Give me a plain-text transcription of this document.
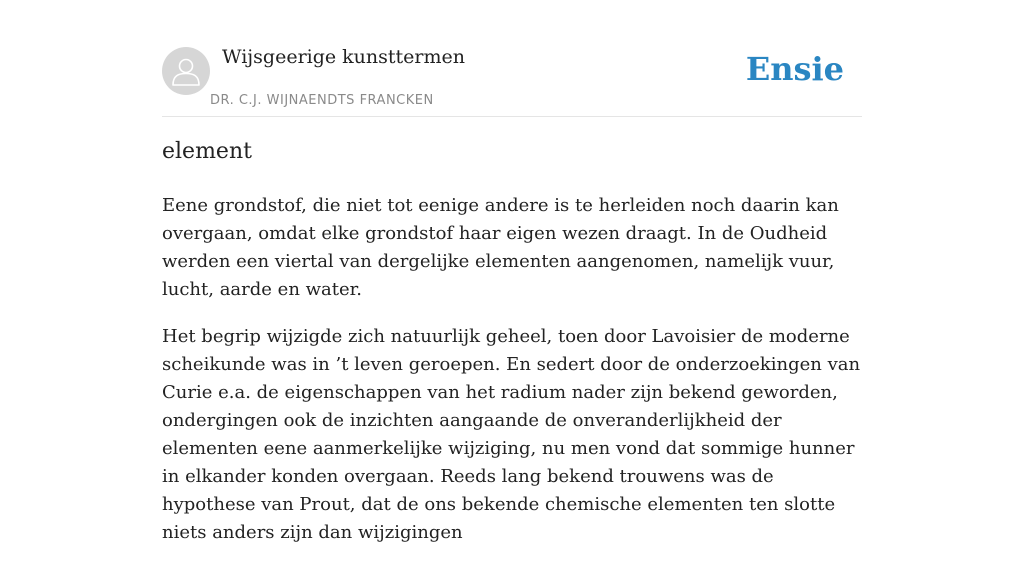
Wijsgeerige kunsttermen
DR. C.J. WIJNAENDTS FRANCKEN
Ensie
element

Eene grondstof, die niet tot eenige andere is te herleiden noch daarin kan overgaan, omdat elke grondstof haar eigen wezen draagt. In de Oudheid werden een viertal van dergelijke elementen aangenomen, namelijk vuur, lucht, aarde en water.

Het begrip wijzigde zich natuurlijk geheel, toen door Lavoisier de moderne scheikunde was in ’t leven geroepen. En sedert door de onderzoekingen van Curie e.a. de eigenschappen van het radium nader zijn bekend geworden, ondergingen ook de inzichten aangaande de onveranderlijkheid der elementen eene aanmerkelijke wijziging, nu men vond dat sommige hunner in elkander konden overgaan. Reeds lang bekend trouwens was de hypothese van Prout, dat de ons bekende chemische elementen ten slotte niets anders zijn dan wijzigingen
